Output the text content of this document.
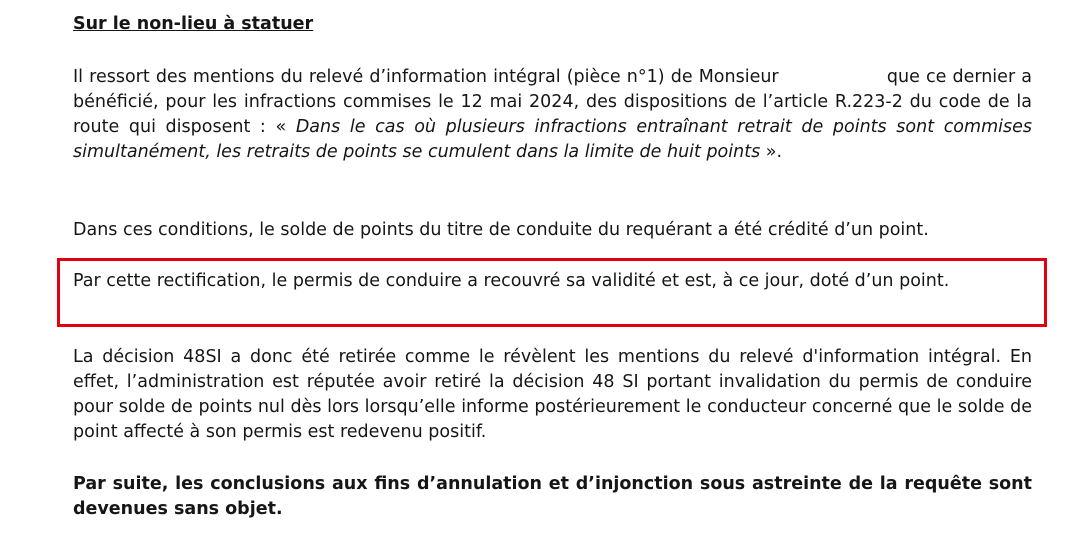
Sur le non-lieu à statuer

Il ressort des mentions du relevé d’information intégral (pièce n°1) de Monsieur	que ce dernier a bénéficié, pour les infractions commises le 12 mai 2024, des dispositions de l’article R.223-2 du code de la route qui disposent : « Dans le cas où plusieurs infractions entraînant retrait de points sont commises simultanément, les retraits de points se cumulent dans la limite de huit points ».

Dans ces conditions, le solde de points du titre de conduite du requérant a été crédité d’un point.

Par cette rectification, le permis de conduire a recouvré sa validité et est, à ce jour, doté d’un point.

La décision 48SI a donc été retirée comme le révèlent les mentions du relevé d'information intégral. En effet, l’administration est réputée avoir retiré la décision 48 SI portant invalidation du permis de conduire pour solde de points nul dès lors lorsqu’elle informe postérieurement le conducteur concerné que le solde de point affecté à son permis est redevenu positif.

Par suite, les conclusions aux fins d’annulation et d’injonction sous astreinte de la requête sont devenues sans objet.
